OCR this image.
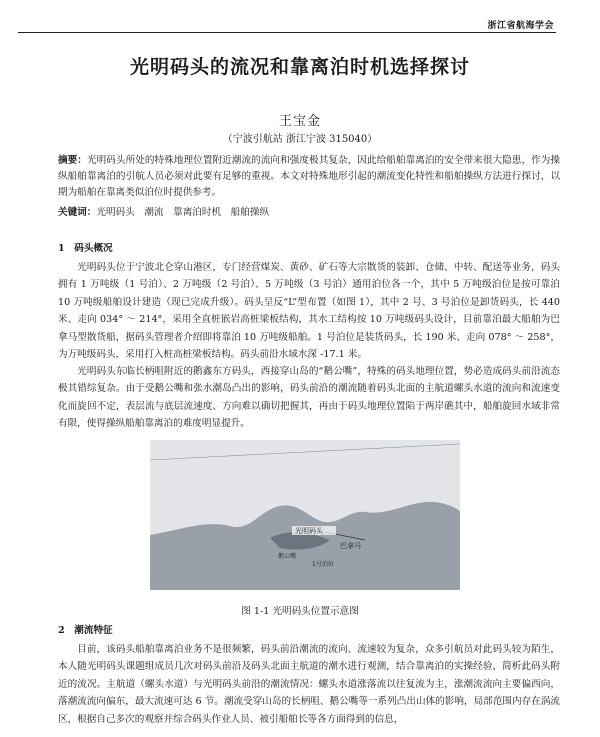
浙江省航海学会
光明码头的流况和靠离泊时机选择探讨
王宝金
（宁波引航站 浙江宁波 315040）
摘要：光明码头所处的特殊地理位置附近潮流的流向和强度极其复杂，因此给船舶靠离泊的安全带来很大隐患，作为操纵船舶靠离泊的引航人员必须对此要有足够的重视。本文对特殊地形引起的潮流变化特性和船舶操纵方法进行探讨，以期为船舶在靠离类似泊位时提供参考。
关键词：光明码头　潮流　靠离泊时机　船舶操纵
1　码头概况
光明码头位于宁波北仑穿山港区，专门经营煤炭、黄砂、矿石等大宗散货的装卸、仓储、中转、配送等业务，码头拥有 1 万吨级（1 号泊）、2 万吨级（2 号泊）、5 万吨级（3 号泊）通用泊位各一个，其中 5 万吨级泊位是按可靠泊 10 万吨级船舶设计建造（现已完成升级）。码头呈反“L”型布置（如图 1），其中 2 号、3 号泊位是卸货码头，长 440 米、走向 034° ～ 214°，采用全直桩嵌岩高桩梁板结构，其水工结构按 10 万吨级码头设计，目前靠泊最大船舶为巴拿马型散货船，据码头管理者介绍即将靠泊 10 万吨级船舶。1 号泊位是装货码头，长 190 米、走向 078° ～ 258°，为万吨级码头，采用打入桩高桩梁板结构。码头前沿水域水深 -17.1 米。
光明码头东临长柄咀附近的鹅鑫东方码头，西接穿山岛的“鹅公嘴”，特殊的码头地理位置，势必造成码头前沿流态极其错综复杂。由于受鹅公嘴和张水潮岛凸出的影响，码头前沿的潮流随着码头北面的主航道螺头水道的流向和流速变化而旋回不定，表层流与底层流速度、方向难以确切把握其，再由于码头地理位置陷于两岸礁其中，船舶旋回水域非常有限，使得操纵船舶靠离泊的难度明显提升。
光明码头
巴拿马
鹅公嘴
1号泊位
图 1-1 光明码头位置示意图
2　潮流特征
目前，该码头船舶靠离泊业务不是很频繁，码头前沿潮流的流向、流速较为复杂，众多引航员对此码头较为陌生，本人随光明码头课题组成员几次对码头前沿及码头北面主航道的潮水进行观测，结合靠离泊的实操经验，简析此码头附近的流况。主航道（螺头水道）与光明码头前沿的潮流情况：螺头水道涨落流以往复流为主，涨潮流流向主要偏西向，落潮流流向偏东，最大流速可达 6 节。潮流受穿山岛的长柄咀、鹅公嘴等一系列凸出山体的影响，局部范围内存在涡流区，根据自己多次的观察并综合码头作业人员、被引船舶长等各方面得到的信息，
